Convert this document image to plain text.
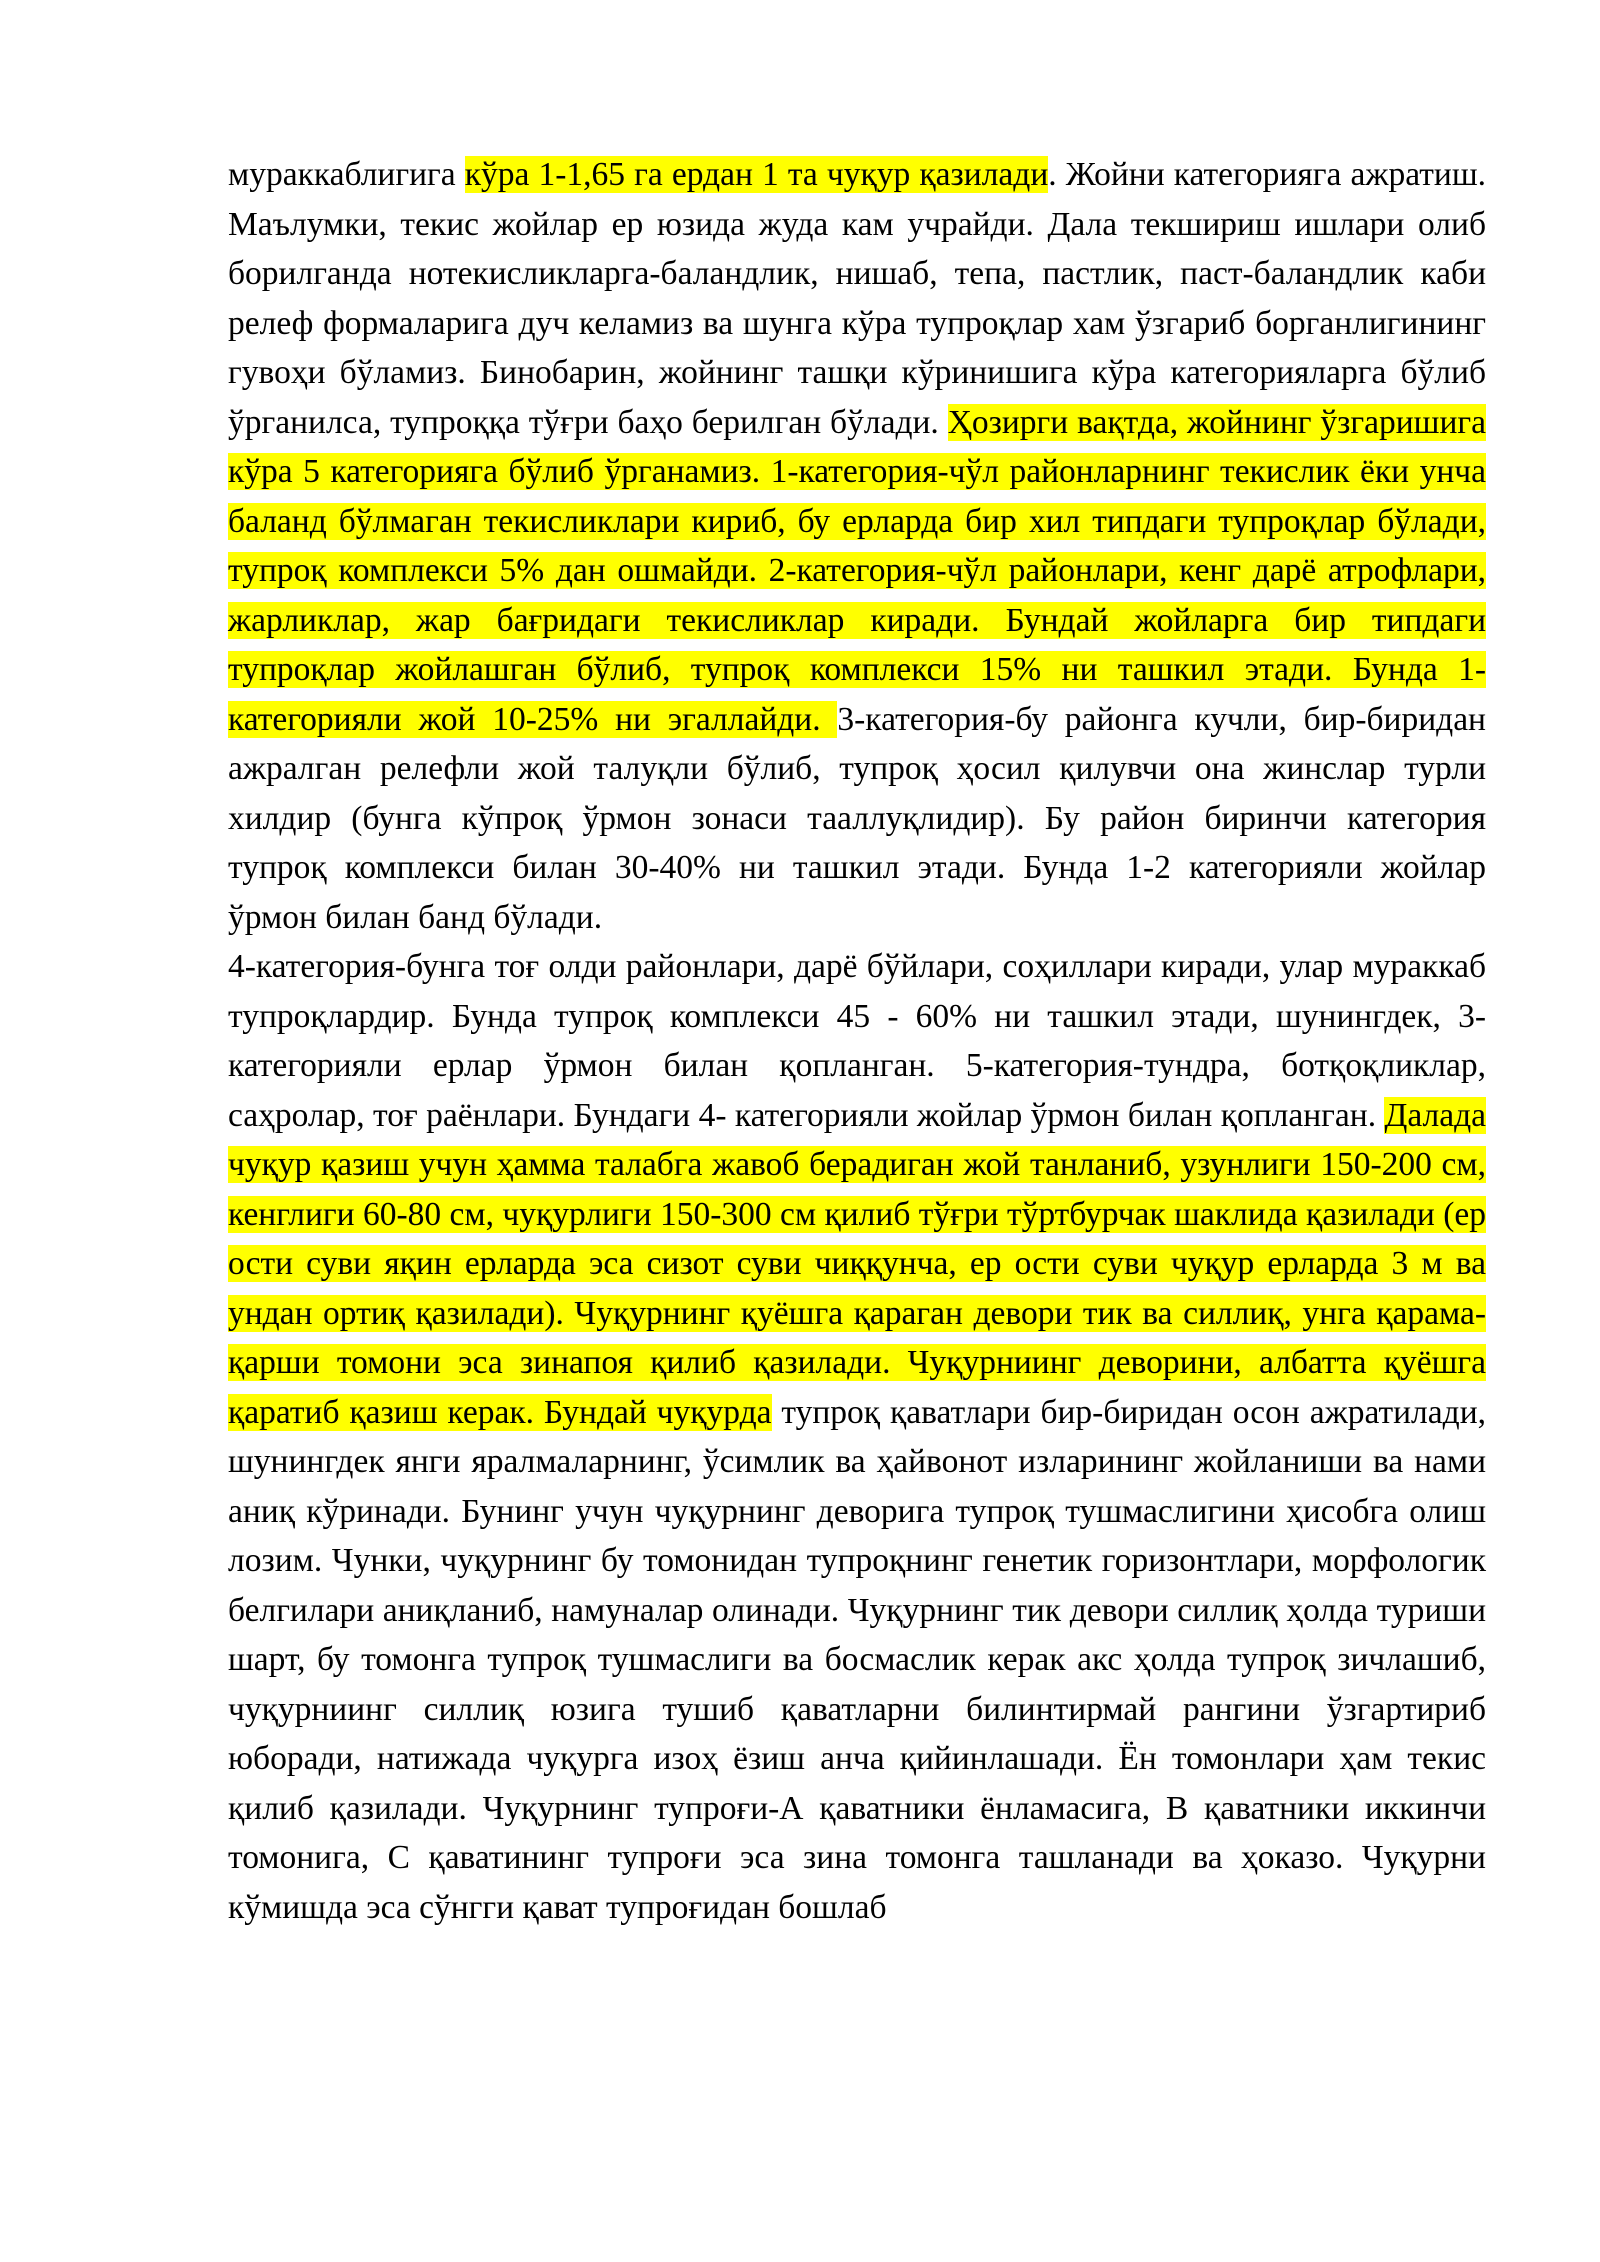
мураккаблигига кўра 1-1,65 га ердан 1 та чуқур қазилади. Жойни категорияга ажратиш. Маълумки, текис жойлар ер юзида жуда кам учрайди. Дала текшириш ишлари олиб борилганда нотекисликларга-баландлик, нишаб, тепа, пастлик, паст-баландлик каби релеф формаларига дуч келамиз ва шунга кўра тупроқлар хам ўзгариб борганлигининг гувоҳи бўламиз. Бинобарин, жойнинг ташқи кўринишига кўра категорияларга бўлиб ўрганилса, тупроққа тўғри баҳо берилган бўлади. Ҳозирги вақтда, жойнинг ўзгаришига кўра 5 категорияга бўлиб ўрганамиз. 1-категория-чўл районларнинг текислик ёки унча баланд бўлмаган текисликлари кириб, бу ерларда бир хил типдаги тупроқлар бўлади, тупроқ комплекси 5% дан ошмайди. 2-категория-чўл районлари, кенг дарё атрофлари, жарликлар, жар бағридаги текисликлар киради. Бундай жойларга бир типдаги тупроқлар жойлашган бўлиб, тупроқ комплекси 15% ни ташкил этади. Бунда 1- категорияли жой 10-25% ни эгаллайди. 3-категория-бу районга кучли, бир-биридан ажралган релефли жой талуқли бўлиб, тупроқ ҳосил қилувчи она жинслар турли хилдир (бунга кўпроқ ўрмон зонаси тааллуқлидир). Бу район биринчи категория тупроқ комплекси билан 30-40% ни ташкил этади. Бунда 1-2 категорияли жойлар ўрмон билан банд бўлади.

4-категория-бунга тоғ олди районлари, дарё бўйлари, соҳиллари киради, улар мураккаб тупроқлардир. Бунда тупроқ комплекси 45 - 60% ни ташкил этади, шунингдек, 3-категорияли ерлар ўрмон билан қопланган. 5-категория-тундра, ботқоқликлар, саҳролар, тоғ раёнлари. Бундаги 4- категорияли жойлар ўрмон билан қопланган. Далада чуқур қазиш учун ҳамма талабга жавоб берадиган жой танланиб, узунлиги 150-200 см, кенглиги 60-80 см, чуқурлиги 150-300 см қилиб тўғри тўртбурчак шаклида қазилади (ер ости суви яқин ерларда эса сизот суви чиққунча, ер ости суви чуқур ерларда 3 м ва ундан ортиқ қазилади). Чуқурнинг қуёшга қараган девори тик ва силлиқ, унга қарама-қарши томони эса зинапоя қилиб қазилади. Чуқурниинг деворини, албатта қуёшга қаратиб қазиш керак. Бундай чуқурда тупроқ қаватлари бир-биридан осон ажратилади, шунингдек янги яралмаларнинг, ўсимлик ва ҳайвонот изларининг жойланиши ва нами аниқ кўринади. Бунинг учун чуқурнинг деворига тупроқ тушмаслигини ҳисобга олиш лозим. Чунки, чуқурнинг бу томонидан тупроқнинг генетик горизонтлари, морфологик белгилари аниқланиб, намуналар олинади. Чуқурнинг тик девори силлиқ ҳолда туриши шарт, бу томонга тупроқ тушмаслиги ва босмаслик керак акс ҳолда тупроқ зичлашиб, чуқурниинг силлиқ юзига тушиб қаватларни билинтирмай рангини ўзгартириб юборади, натижада чуқурга изоҳ ёзиш анча қийинлашади. Ён томонлари ҳам текис қилиб қазилади. Чуқурнинг тупроғи-А қаватники ёнламасига, В қаватники иккинчи томонига, С қаватининг тупроғи эса зина томонга ташланади ва ҳоказо. Чуқурни кўмишда эса сўнгги қават тупроғидан бошлаб
